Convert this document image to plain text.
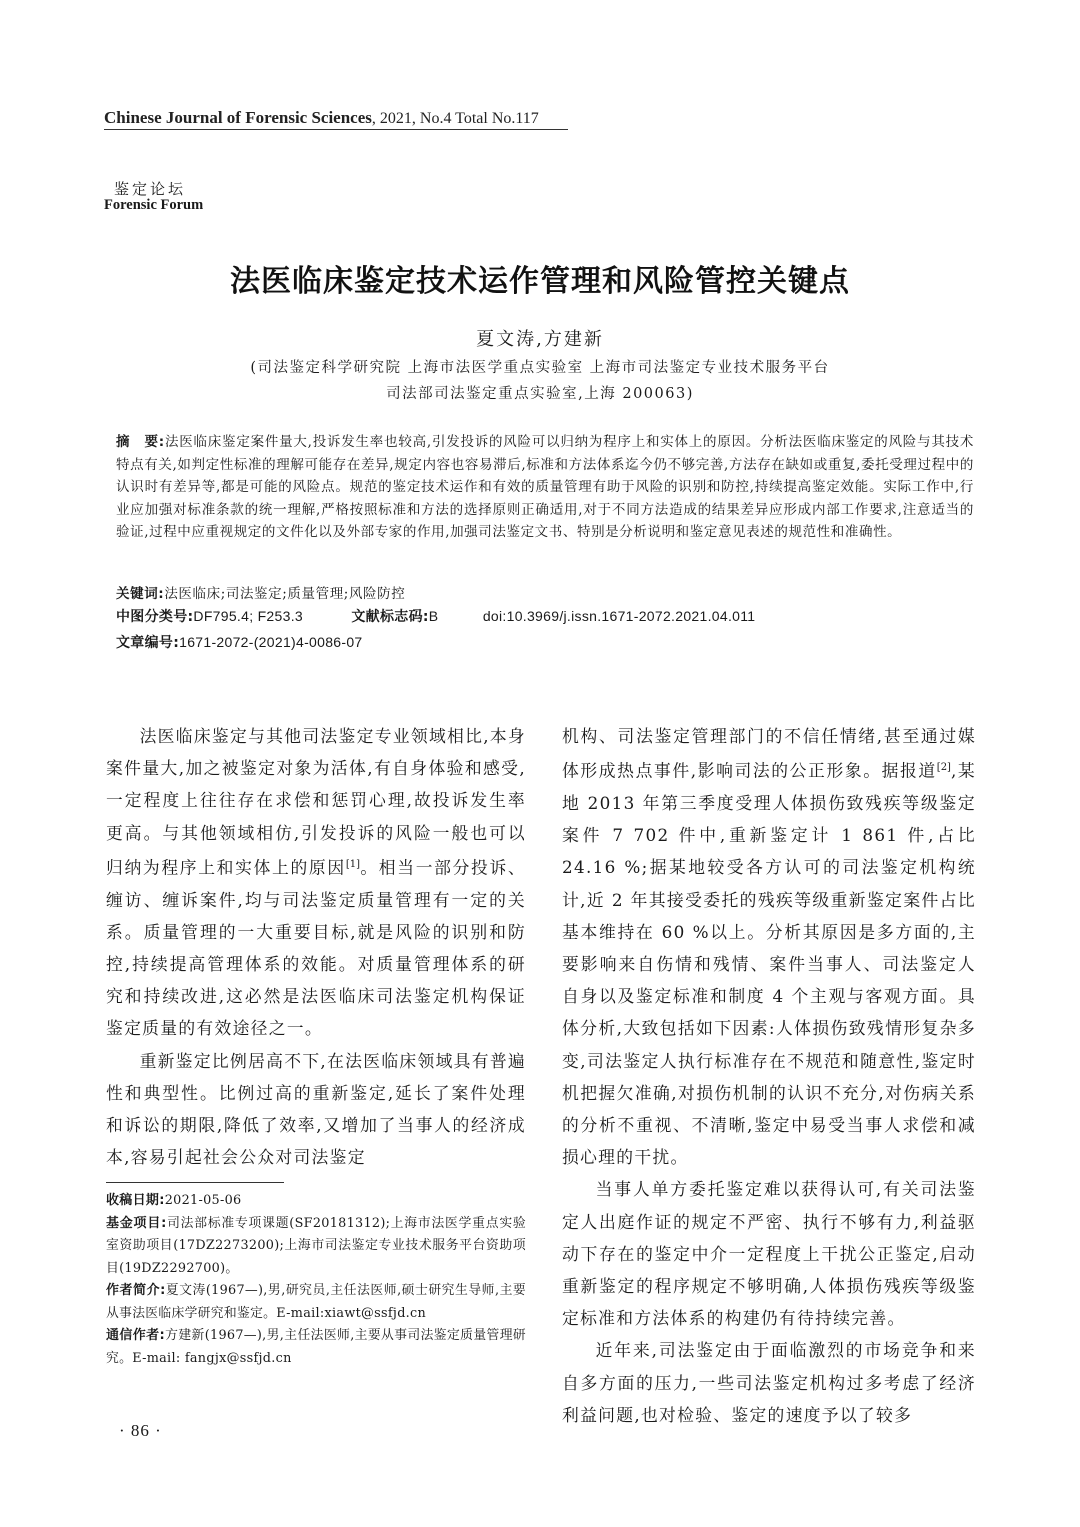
Chinese Journal of Forensic Sciences, 2021, No.4 Total No.117
鉴定论坛
Forensic Forum
法医临床鉴定技术运作管理和风险管控关键点
夏文涛,方建新
(司法鉴定科学研究院 上海市法医学重点实验室 上海市司法鉴定专业技术服务平台
司法部司法鉴定重点实验室,上海 200063)
摘　要:法医临床鉴定案件量大,投诉发生率也较高,引发投诉的风险可以归纳为程序上和实体上的原因。分析法医临床鉴定的风险与其技术特点有关,如判定性标准的理解可能存在差异,规定内容也容易滞后,标准和方法体系迄今仍不够完善,方法存在缺如或重复,委托受理过程中的认识时有差异等,都是可能的风险点。规范的鉴定技术运作和有效的质量管理有助于风险的识别和防控,持续提高鉴定效能。实际工作中,行业应加强对标准条款的统一理解,严格按照标准和方法的选择原则正确适用,对于不同方法造成的结果差异应形成内部工作要求,注意适当的验证,过程中应重视规定的文件化以及外部专家的作用,加强司法鉴定文书、特别是分析说明和鉴定意见表述的规范性和准确性。
关键词:法医临床;司法鉴定;质量管理;风险防控
中图分类号:DF795.4; F253.3	文献标志码:B	doi:10.3969/j.issn.1671-2072.2021.04.011
文章编号:1671-2072-(2021)4-0086-07

法医临床鉴定与其他司法鉴定专业领域相比,本身案件量大,加之被鉴定对象为活体,有自身体验和感受,一定程度上往往存在求偿和惩罚心理,故投诉发生率更高。与其他领域相仿,引发投诉的风险一般也可以归纳为程序上和实体上的原因[1]。相当一部分投诉、缠访、缠诉案件,均与司法鉴定质量管理有一定的关系。质量管理的一大重要目标,就是风险的识别和防控,持续提高管理体系的效能。对质量管理体系的研究和持续改进,这必然是法医临床司法鉴定机构保证鉴定质量的有效途径之一。

重新鉴定比例居高不下,在法医临床领域具有普遍性和典型性。比例过高的重新鉴定,延长了案件处理和诉讼的期限,降低了效率,又增加了当事人的经济成本,容易引起社会公众对司法鉴定

机构、司法鉴定管理部门的不信任情绪,甚至通过媒体形成热点事件,影响司法的公正形象。据报道[2],某地 2013 年第三季度受理人体损伤致残疾等级鉴定案件 7 702 件中,重新鉴定计 1 861 件,占比 24.16 %;据某地较受各方认可的司法鉴定机构统计,近 2 年其接受委托的残疾等级重新鉴定案件占比基本维持在 60 %以上。分析其原因是多方面的,主要影响来自伤情和残情、案件当事人、司法鉴定人自身以及鉴定标准和制度 4 个主观与客观方面。具体分析,大致包括如下因素:人体损伤致残情形复杂多变,司法鉴定人执行标准存在不规范和随意性,鉴定时机把握欠准确,对损伤机制的认识不充分,对伤病关系的分析不重视、不清晰,鉴定中易受当事人求偿和减损心理的干扰。

当事人单方委托鉴定难以获得认可,有关司法鉴定人出庭作证的规定不严密、执行不够有力,利益驱动下存在的鉴定中介一定程度上干扰公正鉴定,启动重新鉴定的程序规定不够明确,人体损伤残疾等级鉴定标准和方法体系的构建仍有待持续完善。

近年来,司法鉴定由于面临激烈的市场竞争和来自多方面的压力,一些司法鉴定机构过多考虑了经济利益问题,也对检验、鉴定的速度予以了较多

收稿日期:2021-05-06

基金项目:司法部标准专项课题(SF20181312);上海市法医学重点实验室资助项目(17DZ2273200);上海市司法鉴定专业技术服务平台资助项目(19DZ2292700)。

作者简介:夏文涛(1967—),男,研究员,主任法医师,硕士研究生导师,主要从事法医临床学研究和鉴定。E-mail:xiawt@ssfjd.cn

通信作者:方建新(1967—),男,主任法医师,主要从事司法鉴定质量管理研究。E-mail: fangjx@ssfjd.cn

· 86 ·
